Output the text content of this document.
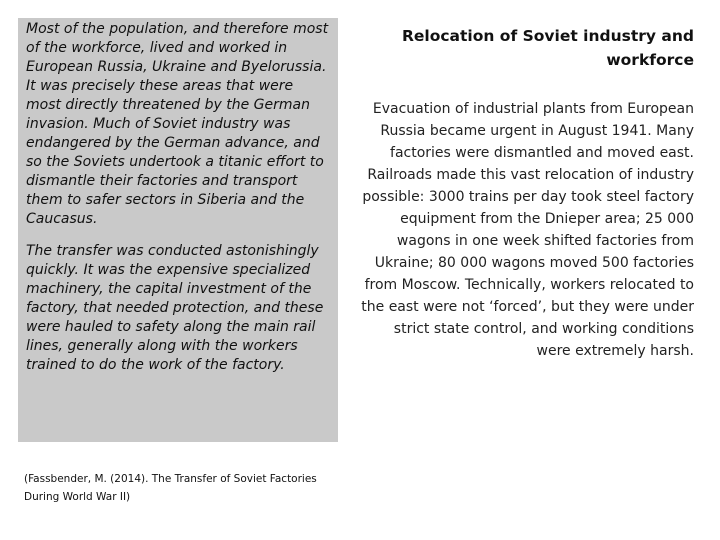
Most of the population, and therefore most of the workforce, lived and worked in European Russia, Ukraine and Byelorussia. It was precisely these areas that were most directly threatened by the German invasion. Much of Soviet industry was endangered by the German advance, and so the Soviets undertook a titanic effort to dismantle their factories and transport them to safer sectors in Siberia and the Caucasus.

The transfer was conducted astonishingly quickly. It was the expensive specialized machinery, the capital investment of the factory, that needed protection, and these were hauled to safety along the main rail lines, generally along with the workers trained to do the work of the factory.

(Fassbender, M. (2014). The Transfer of Soviet Factories During World War II)
Relocation of Soviet industry and workforce

Evacuation of industrial plants from European Russia became urgent in August 1941. Many factories were dismantled and moved east. Railroads made this vast relocation of industry possible: 3000 trains per day took steel factory equipment from the Dnieper area; 25 000 wagons in one week shifted factories from Ukraine; 80 000 wagons moved 500 factories from Moscow. Technically, workers relocated to the east were not ‘forced’, but they were under strict state control, and working conditions were extremely harsh.
